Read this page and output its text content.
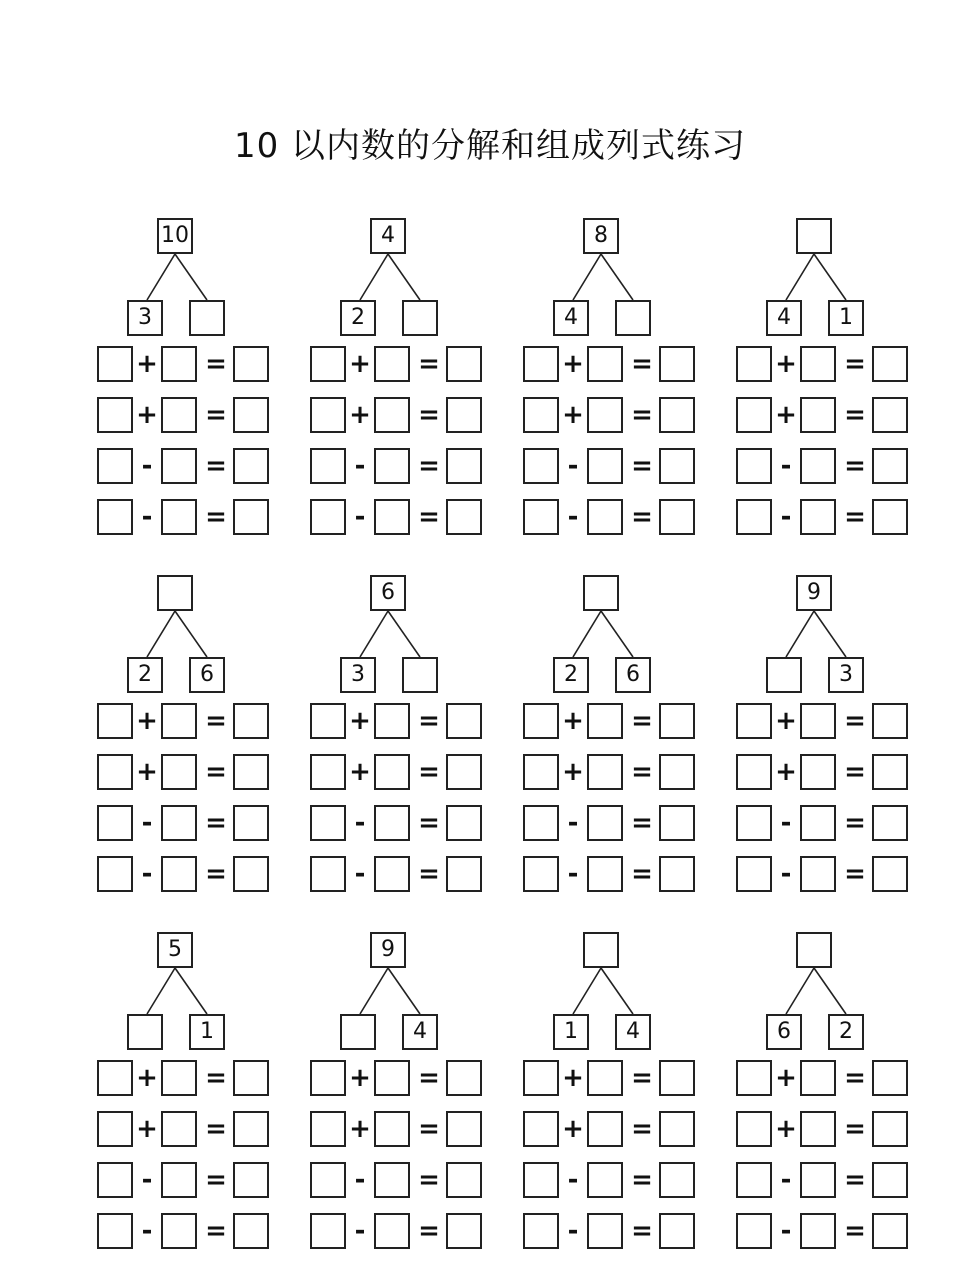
10 以内数的分解和组成列式练习
10
3
+ =
+ =
-	=
-	=
4
2
+ =
+ =
-	=
-	=
8
4
+ =
+ =
-	=
-	=
4	1
+ =
+ =
-	=
-	=
2	6
+ =
+ =
-	=
-	=
6
3
+ =
+ =
-	=
-	=
2	6
+ =
+ =
-	=
-	=
9
3
+ =
+ =
-	=
-	=
5
1
+ =
+ =
-	=
-	=
9
4
+ =
+ =
-	=
-	=
1	4
+ =
+ =
-	=
-	=
6	2
+ =
+ =
-	=
-	=
